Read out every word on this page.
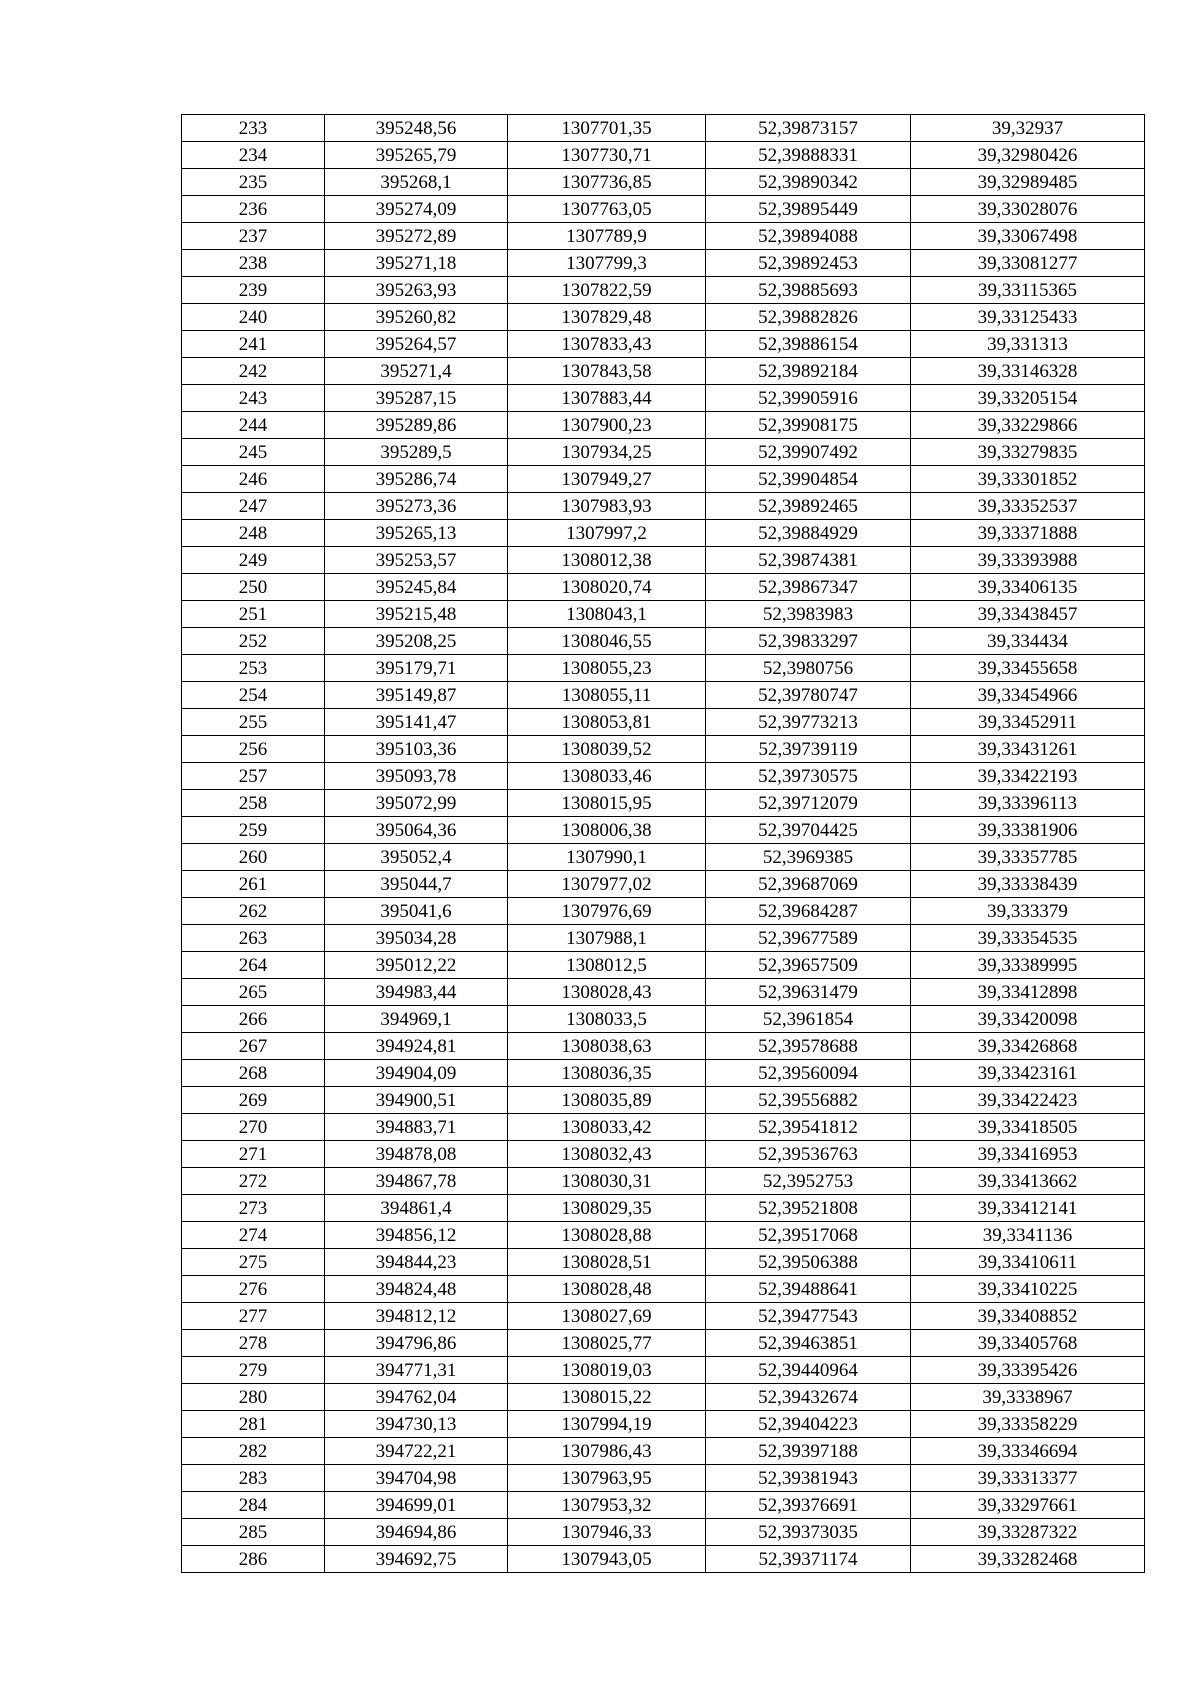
233	395248,56	1307701,35	52,39873157	39,32937
234	395265,79	1307730,71	52,39888331	39,32980426
235	395268,1	1307736,85	52,39890342	39,32989485
236	395274,09	1307763,05	52,39895449	39,33028076
237	395272,89	1307789,9	52,39894088	39,33067498
238	395271,18	1307799,3	52,39892453	39,33081277
239	395263,93	1307822,59	52,39885693	39,33115365
240	395260,82	1307829,48	52,39882826	39,33125433
241	395264,57	1307833,43	52,39886154	39,331313
242	395271,4	1307843,58	52,39892184	39,33146328
243	395287,15	1307883,44	52,39905916	39,33205154
244	395289,86	1307900,23	52,39908175	39,33229866
245	395289,5	1307934,25	52,39907492	39,33279835
246	395286,74	1307949,27	52,39904854	39,33301852
247	395273,36	1307983,93	52,39892465	39,33352537
248	395265,13	1307997,2	52,39884929	39,33371888
249	395253,57	1308012,38	52,39874381	39,33393988
250	395245,84	1308020,74	52,39867347	39,33406135
251	395215,48	1308043,1	52,3983983	39,33438457
252	395208,25	1308046,55	52,39833297	39,334434
253	395179,71	1308055,23	52,3980756	39,33455658
254	395149,87	1308055,11	52,39780747	39,33454966
255	395141,47	1308053,81	52,39773213	39,33452911
256	395103,36	1308039,52	52,39739119	39,33431261
257	395093,78	1308033,46	52,39730575	39,33422193
258	395072,99	1308015,95	52,39712079	39,33396113
259	395064,36	1308006,38	52,39704425	39,33381906
260	395052,4	1307990,1	52,3969385	39,33357785
261	395044,7	1307977,02	52,39687069	39,33338439
262	395041,6	1307976,69	52,39684287	39,333379
263	395034,28	1307988,1	52,39677589	39,33354535
264	395012,22	1308012,5	52,39657509	39,33389995
265	394983,44	1308028,43	52,39631479	39,33412898
266	394969,1	1308033,5	52,3961854	39,33420098
267	394924,81	1308038,63	52,39578688	39,33426868
268	394904,09	1308036,35	52,39560094	39,33423161
269	394900,51	1308035,89	52,39556882	39,33422423
270	394883,71	1308033,42	52,39541812	39,33418505
271	394878,08	1308032,43	52,39536763	39,33416953
272	394867,78	1308030,31	52,3952753	39,33413662
273	394861,4	1308029,35	52,39521808	39,33412141
274	394856,12	1308028,88	52,39517068	39,3341136
275	394844,23	1308028,51	52,39506388	39,33410611
276	394824,48	1308028,48	52,39488641	39,33410225
277	394812,12	1308027,69	52,39477543	39,33408852
278	394796,86	1308025,77	52,39463851	39,33405768
279	394771,31	1308019,03	52,39440964	39,33395426
280	394762,04	1308015,22	52,39432674	39,3338967
281	394730,13	1307994,19	52,39404223	39,33358229
282	394722,21	1307986,43	52,39397188	39,33346694
283	394704,98	1307963,95	52,39381943	39,33313377
284	394699,01	1307953,32	52,39376691	39,33297661
285	394694,86	1307946,33	52,39373035	39,33287322
286	394692,75	1307943,05	52,39371174	39,33282468
